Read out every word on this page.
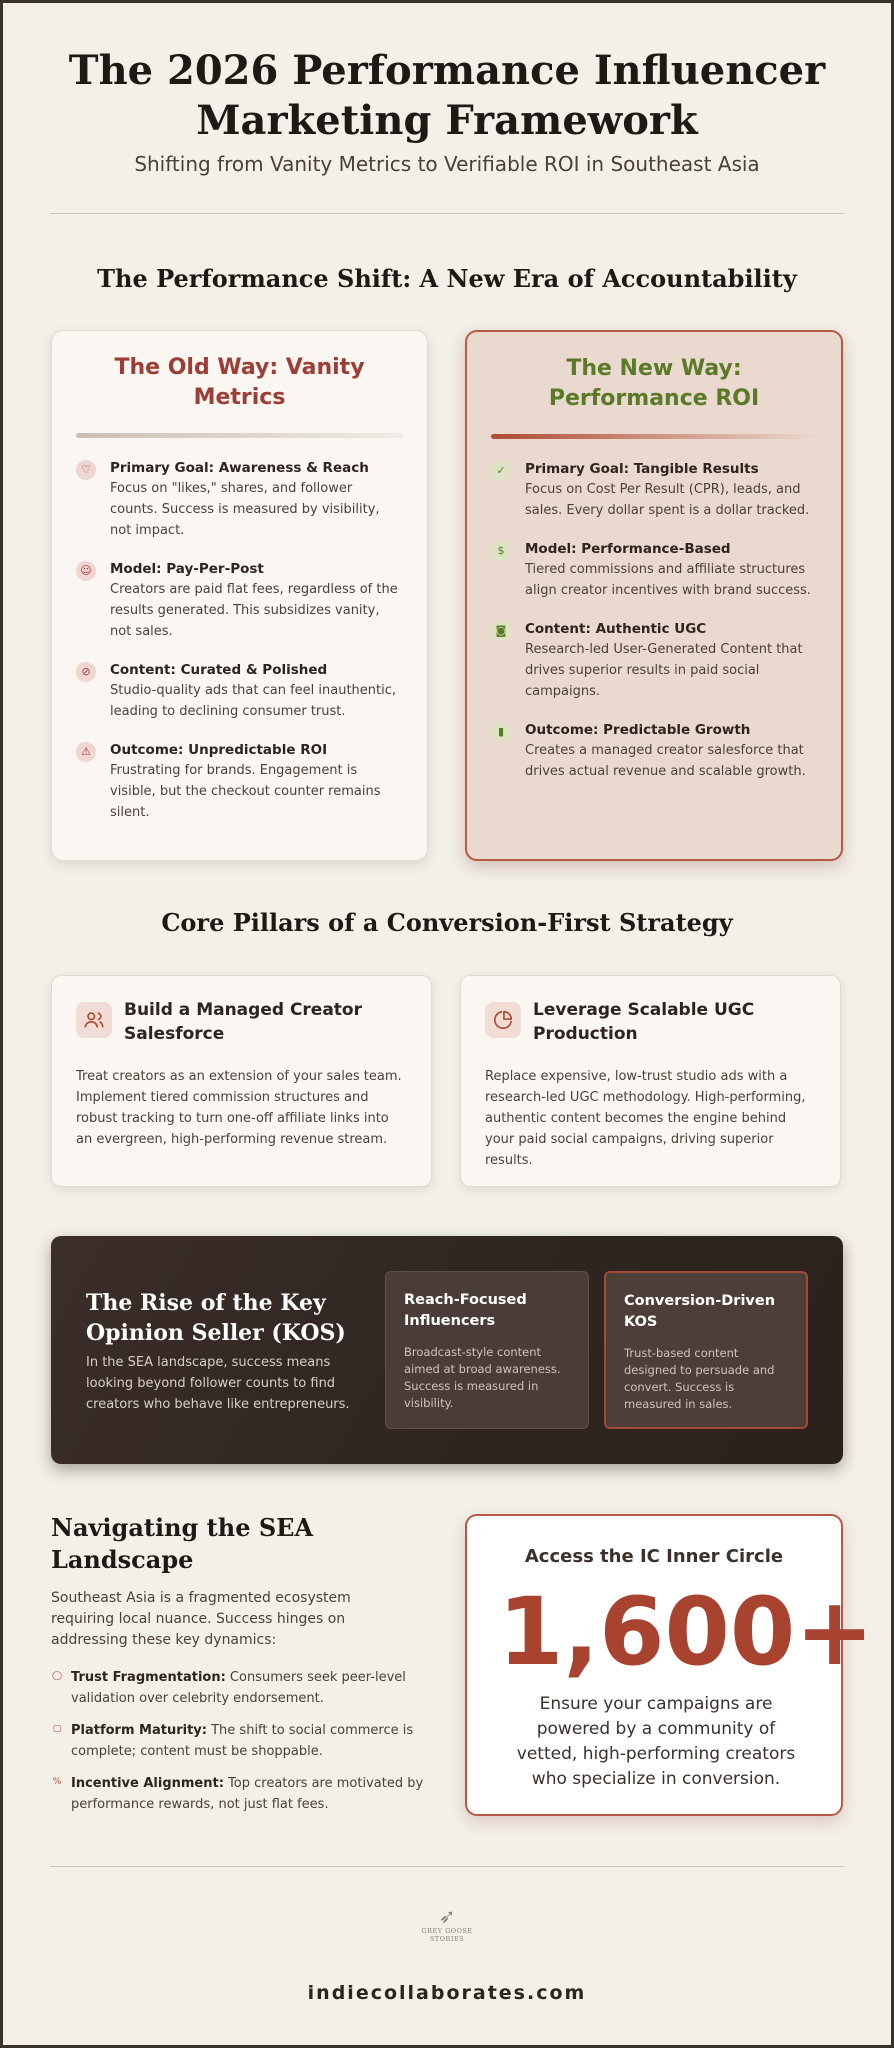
The 2026 Performance Influencer Marketing Framework
Shifting from Vanity Metrics to Verifiable ROI in Southeast Asia
The Performance Shift: A New Era of Accountability
The Old Way: Vanity Metrics
♡	Primary Goal: Awareness & Reach
Focus on "likes," shares, and follower counts. Success is measured by visibility, not impact.
☺	Model: Pay-Per-Post
Creators are paid flat fees, regardless of the results generated. This subsidizes vanity, not sales.
⊘	Content: Curated & Polished
Studio-quality ads that can feel inauthentic, leading to declining consumer trust.
⚠	Outcome: Unpredictable ROI
Frustrating for brands. Engagement is visible, but the checkout counter remains silent.
The New Way: Performance ROI
✓	Primary Goal: Tangible Results
Focus on Cost Per Result (CPR), leads, and sales. Every dollar spent is a dollar tracked.
$	Model: Performance-Based
Tiered commissions and affiliate structures align creator incentives with brand success.
◙	Content: Authentic UGC
Research-led User-Generated Content that drives superior results in paid social campaigns.
▮	Outcome: Predictable Growth
Creates a managed creator salesforce that drives actual revenue and scalable growth.
Core Pillars of a Conversion-First Strategy
Build a Managed Creator Salesforce
Treat creators as an extension of your sales team. Implement tiered commission structures and robust tracking to turn one-off affiliate links into an evergreen, high-performing revenue stream.
Leverage Scalable UGC Production
Replace expensive, low-trust studio ads with a research-led UGC methodology. High-performing, authentic content becomes the engine behind your paid social campaigns, driving superior results.
The Rise of the Key Opinion Seller (KOS)
In the SEA landscape, success means looking beyond follower counts to find creators who behave like entrepreneurs.
Reach-Focused Influencers
Broadcast-style content aimed at broad awareness. Success is measured in visibility.
Conversion-Driven KOS
Trust-based content designed to persuade and convert. Success is measured in sales.
Navigating the SEA Landscape
Southeast Asia is a fragmented ecosystem requiring local nuance. Success hinges on addressing these key dynamics:
◯ Trust Fragmentation: Consumers seek peer-level validation over celebrity endorsement.
▢ Platform Maturity: The shift to social commerce is complete; content must be shoppable.
% Incentive Alignment: Top creators are motivated by performance rewards, not just flat fees.
Access the IC Inner Circle
1,600+
Ensure your campaigns are powered by a community of vetted, high-performing creators who specialize in conversion.
➶
GREY GOOSE
STORIES
indiecollaborates.com
